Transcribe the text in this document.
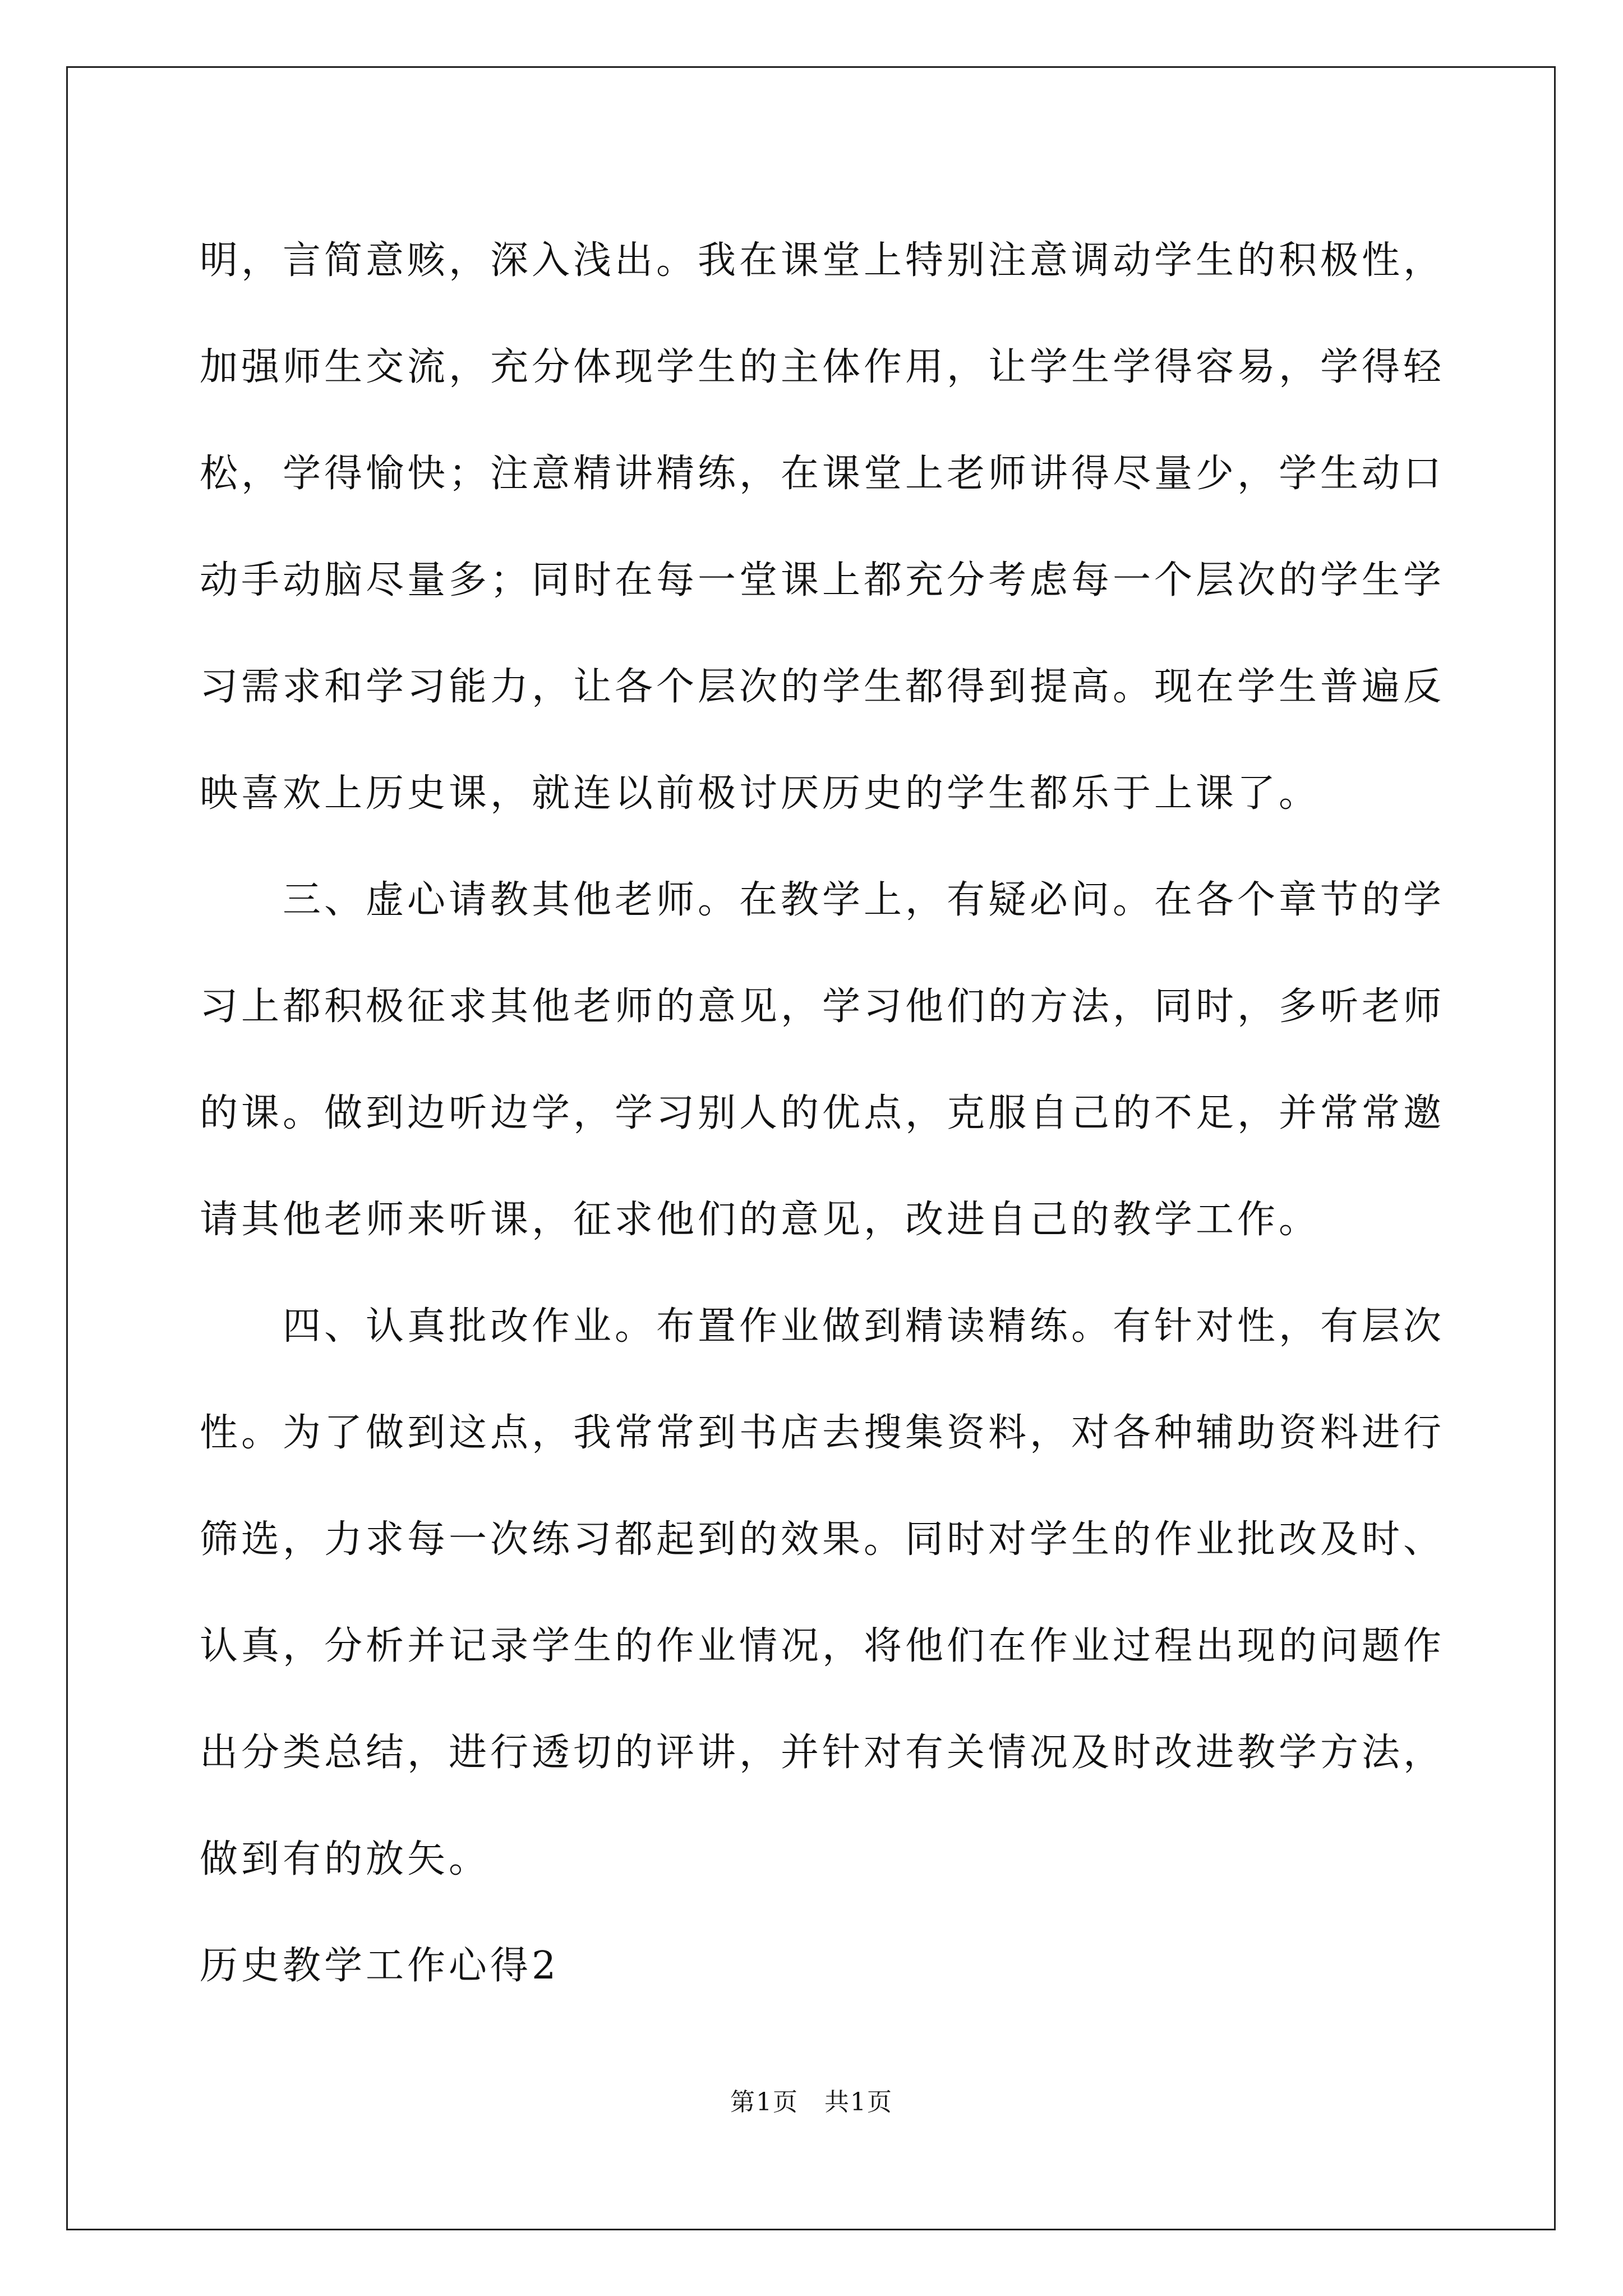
明，言简意赅，深入浅出。我在课堂上特别注意调动学生的积极性，
加强师生交流，充分体现学生的主体作用，让学生学得容易，学得轻
松，学得愉快；注意精讲精练，在课堂上老师讲得尽量少，学生动口
动手动脑尽量多；同时在每一堂课上都充分考虑每一个层次的学生学
习需求和学习能力，让各个层次的学生都得到提高。现在学生普遍反
映喜欢上历史课，就连以前极讨厌历史的学生都乐于上课了。
三、虚心请教其他老师。在教学上，有疑必问。在各个章节的学
习上都积极征求其他老师的意见，学习他们的方法，同时，多听老师
的课。做到边听边学，学习别人的优点，克服自己的不足，并常常邀
请其他老师来听课，征求他们的意见，改进自己的教学工作。
四、认真批改作业。布置作业做到精读精练。有针对性，有层次
性。为了做到这点，我常常到书店去搜集资料，对各种辅助资料进行
筛选，力求每一次练习都起到的效果。同时对学生的作业批改及时、
认真，分析并记录学生的作业情况，将他们在作业过程出现的问题作
出分类总结，进行透切的评讲，并针对有关情况及时改进教学方法，
做到有的放矢。
历史教学工作心得2
第1页　共1页
